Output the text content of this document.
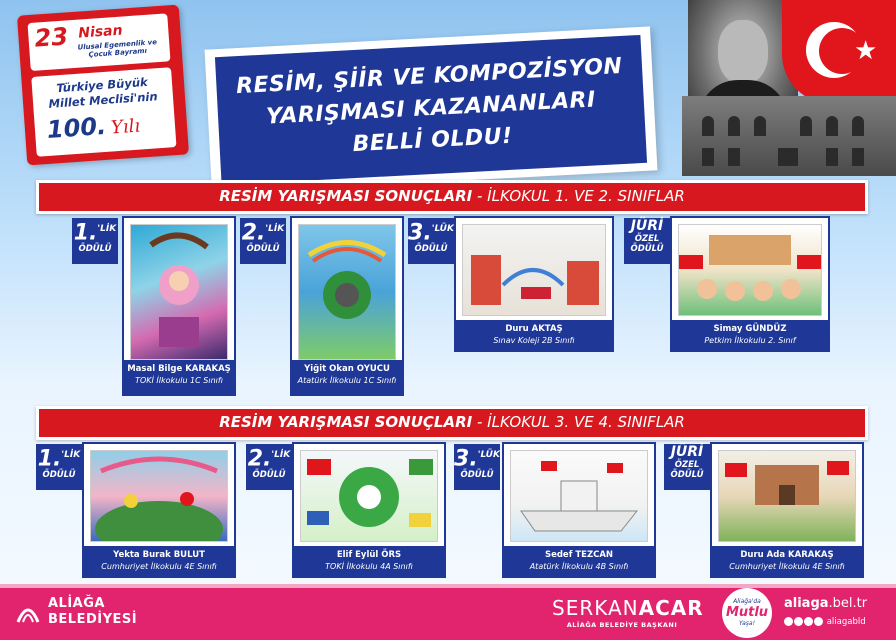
23 Nisan
Ulusal Egemenlik ve Çocuk Bayramı
Türkiye Büyük
Millet Meclisi'nin
100. Yılı
RESİM, ŞİİR VE KOMPOZİSYON
YARIŞMASI KAZANANLARI
BELLİ OLDU!
★
RESİM YARIŞMASI SONUÇLARI - İLKOKUL 1. VE 2. SINIFLAR
RESİM YARIŞMASI SONUÇLARI - İLKOKUL 3. VE 4. SINIFLAR
1.$^{'LİK}$
ÖDÜLÜ
Masal Bilge KARAKAŞ
TOKİ İlkokulu 1C Sınıfı
2.$^{'LİK}$
ÖDÜLÜ
Yiğit Okan OYUCU
Atatürk İlkokulu 1C Sınıfı
3.$^{'LÜK}$
ÖDÜLÜ
Duru AKTAŞ
Sınav Koleji 2B Sınıfı
JÜRİ
ÖZEL
ÖDÜLÜ
Simay GÜNDÜZ
Petkim İlkokulu 2. Sınıf
1.$^{'LİK}$
ÖDÜLÜ
Yekta Burak BULUT
Cumhuriyet İlkokulu 4E Sınıfı
2.$^{'LİK}$
ÖDÜLÜ
Elif Eylül ÖRS
TOKİ İlkokulu 4A Sınıfı
3.$^{'LÜK}$
ÖDÜLÜ
Sedef TEZCAN
Atatürk İlkokulu 4B Sınıfı
JÜRİ
ÖZEL
ÖDÜLÜ
Duru Ada KARAKAŞ
Cumhuriyet İlkokulu 4E Sınıfı
ALİAĞA
BELEDİYESİ	SERKANACAR
ALİAĞA BELEDİYE BAŞKANI
Aliağa'da
Mutlu
Yaşa!
aliaga.bel.tr
aliagabld
